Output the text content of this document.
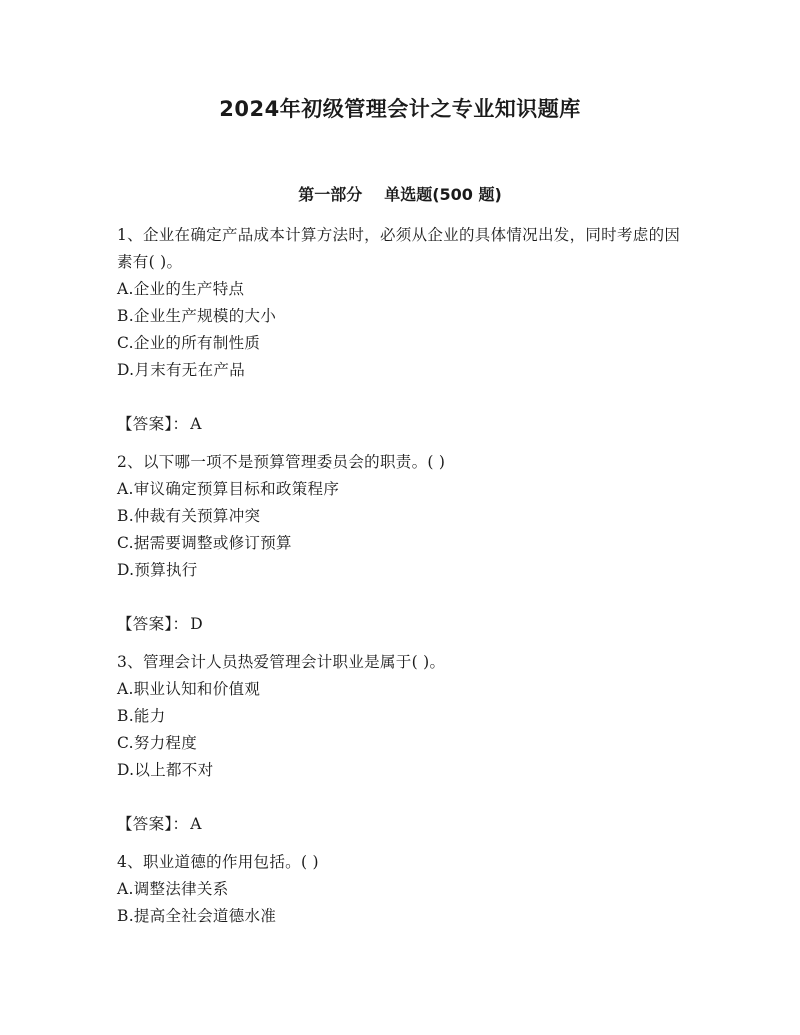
2024年初级管理会计之专业知识题库
第一部分 单选题(500 题)

1、企业在确定产品成本计算方法时，必须从企业的具体情况出发，同时考虑的因素有( )。

A.企业的生产特点

B.企业生产规模的大小

C.企业的所有制性质

D.月末有无在产品

【答案】： A

2、以下哪一项不是预算管理委员会的职责。( )

A.审议确定预算目标和政策程序

B.仲裁有关预算冲突

C.据需要调整或修订预算

D.预算执行

【答案】： D

3、管理会计人员热爱管理会计职业是属于( )。

A.职业认知和价值观

B.能力

C.努力程度

D.以上都不对

【答案】： A

4、职业道德的作用包括。( )

A.调整法律关系

B.提高全社会道德水准
